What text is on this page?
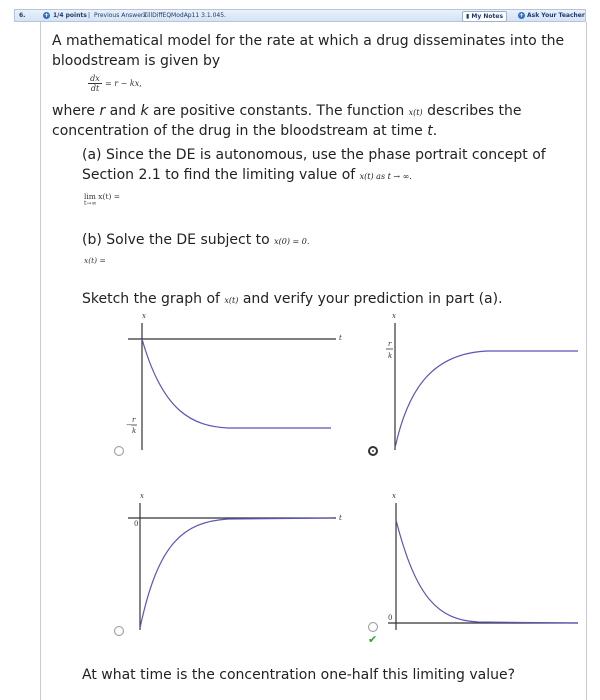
6.	+ 1/4 points | Previous Answers
ZillDiffEQModAp11 3.1.045.	▮ My Notes	+ Ask Your Teacher
A mathematical model for the rate at which a drug disseminates into the
bloodstream is given by
dx
dt
= r − kx,
where r and k are positive constants. The function x(t) describes the
concentration of the drug in the bloodstream at time t.
(a) Since the DE is autonomous, use the phase portrait concept of
Section 2.1 to find the limiting value of x(t) as t → ∞.
lim x(t) =
t→∞
(b) Solve the DE subject to x(0) = 0.
x(t) =
Sketch the graph of x(t) and verify your prediction in part (a).
x
t
−
r
k
x
r
k
x
t
0
x
0
✔
At what time is the concentration one-half this limiting value?
